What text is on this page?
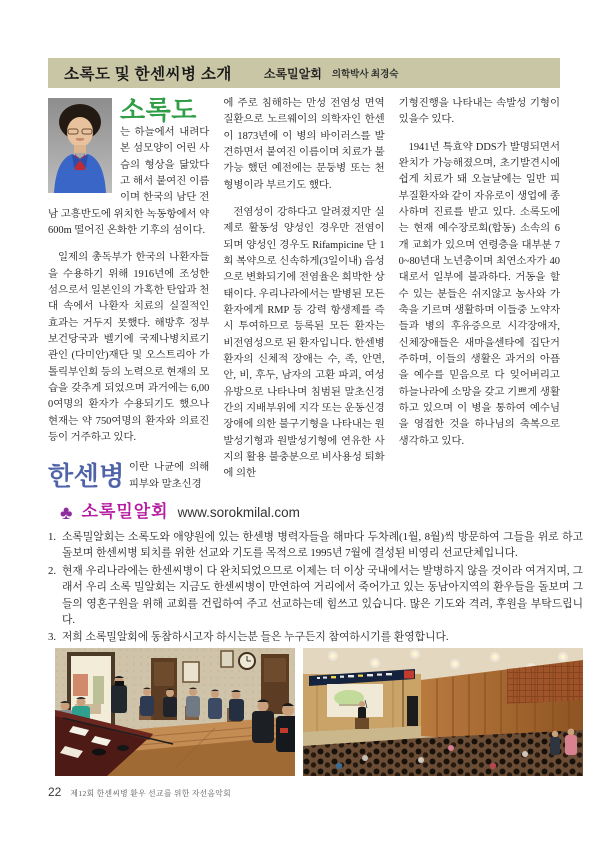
소록도 및 한센씨병 소개	소록밀알회 의학박사 최경숙

소록도
는 하늘에서 내려다본 섬모양이 어린 사슴의 형상을 닮았다고 해서 붙여진 이름이며 한국의 남단 전남 고흥반도에 위치한 녹동항에서 약 600m 떨어진 온화한 기후의 섬이다.

일제의 총독부가 한국의 나환자들을 수용하기 위해 1916년에 조성한 섬으로서 일본인의 가혹한 탄압과 천대 속에서 나환자 치료의 실질적인 효과는 거두지 못했다. 해방후 정부보건당국과 벨기에 국제나병치료기관인 (다미안)재단 및 오스트리아 가톨릭부인회 등의 노력으로 현재의 모습을 갖추게 되었으며 과거에는 6,000여명의 환자가 수용되기도 했으나 현재는 약 750여명의 환자와 의료진 등이 거주하고 있다.

한센병 이란 나균에 의해 피부와 말초신경

에 주로 침해하는 만성 전염성 면역질환으로 노르웨이의 의학자인 한센이 1873년에 이 병의 바이러스를 발견하면서 붙여진 이름이며 치료가 불가능 했던 예전에는 문둥병 또는 천형병이라 부르기도 했다.

전염성이 강하다고 알려졌지만 실제로 활동성 양성인 경우만 전염이 되며 양성인 경우도 Rifampicine 단 1회 복약으로 신속하게(3일이내) 음성으로 변화되기에 전염율은 희박한 상태이다. 우리나라에서는 발병된 모든 환자에게 RMP 등 강력 항생제를 즉시 투여하므로 등록된 모든 환자는 비전염성으로 된 환자입니다. 한센병 환자의 신체적 장애는 수, 족, 안면, 안, 비, 후두, 남자의 고환 파괴, 여성유방으로 나타나며 침범된 말초신경간의 지배부위에 지각 또는 운동신경장애에 의한 불구기형을 나타내는 원발성기형과 원발성기형에 연유한 사지의 활용 불충분으로 비사용성 퇴화에 의한

기형진행을 나타내는 속발성 기형이 있을수 있다.

1941년 특효약 DDS가 발명되면서 완치가 가능해졌으며, 초기발견시에 쉽게 치료가 돼 오늘날에는 일반 피부질환자와 같이 자유로이 생업에 종사하며 진료를 받고 있다. 소록도에는 현재 예수장로회(합동) 소속의 6개 교회가 있으며 연령층을 대부분 70~80년대 노년층이며 최연소자가 40대로서 일부에 불과하다. 거동을 할 수 있는 분들은 쉬지않고 농사와 가축을 기르며 생활하며 이들중 노약자들과 병의 후유증으로 시각장애자, 신체장애들은 새마을센타에 집단거주하며, 이들의 생활은 과거의 아픔을 예수를 믿음으로 다 잊어버리고 하늘나라에 소망을 갖고 기쁘게 생활하고 있으며 이 병을 통하여 예수님을 영접한 것을 하나님의 축복으로 생각하고 있다.

♣ 소록밀알회 www.sorokmilal.com
1. 소록밀알회는 소록도와 애양원에 있는 한센병 병력자들을 해마다 두차례(1월, 8월)씩 방문하여 그들을 위로 하고 돌보며 한센씨병 퇴치를 위한 선교와 기도를 목적으로 1995년 7월에 결성된 비영리 선교단체입니다.
2. 현재 우리나라에는 한센씨병이 다 완치되었으므로 이제는 더 이상 국내에서는 발병하지 않을 것이라 여겨지며, 그래서 우리 소록 밀알회는 지금도 한센씨병이 만연하여 거리에서 죽어가고 있는 동남아지역의 환우들을 돌보며 그들의 영혼구원을 위해 교회를 건립하여 주고 선교하는데 힘쓰고 있습니다. 많은 기도와 격려, 후원을 부탁드립니다.
3. 저희 소록밀알회에 동참하시고자 하시는분 들은 누구든지 참여하시기를 환영합니다.
22 제12회 한센씨병 환우 선교를 위한 자선음악회
